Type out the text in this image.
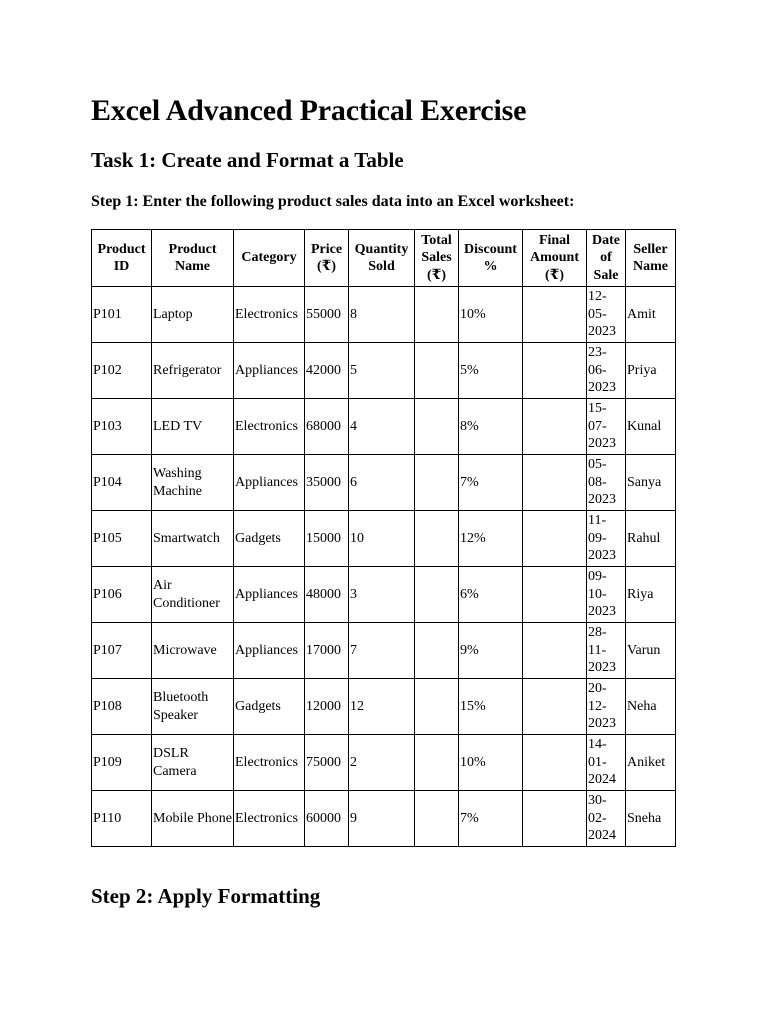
Excel Advanced Practical Exercise
Task 1: Create and Format a Table

Step 1: Enter the following product sales data into an Excel worksheet:

Product ID	Product Name	Category	Price (₹)	Quantity Sold	Total Sales (₹)	Discount %	Final Amount (₹)	Date of Sale	Seller Name
P101	Laptop	Electronics	55000	8		10%		12-05-2023	Amit
P102	Refrigerator	Appliances	42000	5		5%		23-06-2023	Priya
P103	LED TV	Electronics	68000	4		8%		15-07-2023	Kunal
P104	Washing Machine	Appliances	35000	6		7%		05-08-2023	Sanya
P105	Smartwatch	Gadgets	15000	10		12%		11-09-2023	Rahul
P106	Air Conditioner	Appliances	48000	3		6%		09-10-2023	Riya
P107	Microwave	Appliances	17000	7		9%		28-11-2023	Varun
P108	Bluetooth Speaker	Gadgets	12000	12		15%		20-12-2023	Neha
P109	DSLR Camera	Electronics	75000	2		10%		14-01-2024	Aniket
P110	Mobile Phone	Electronics	60000	9		7%		30-02-2024	Sneha
Step 2: Apply Formatting
